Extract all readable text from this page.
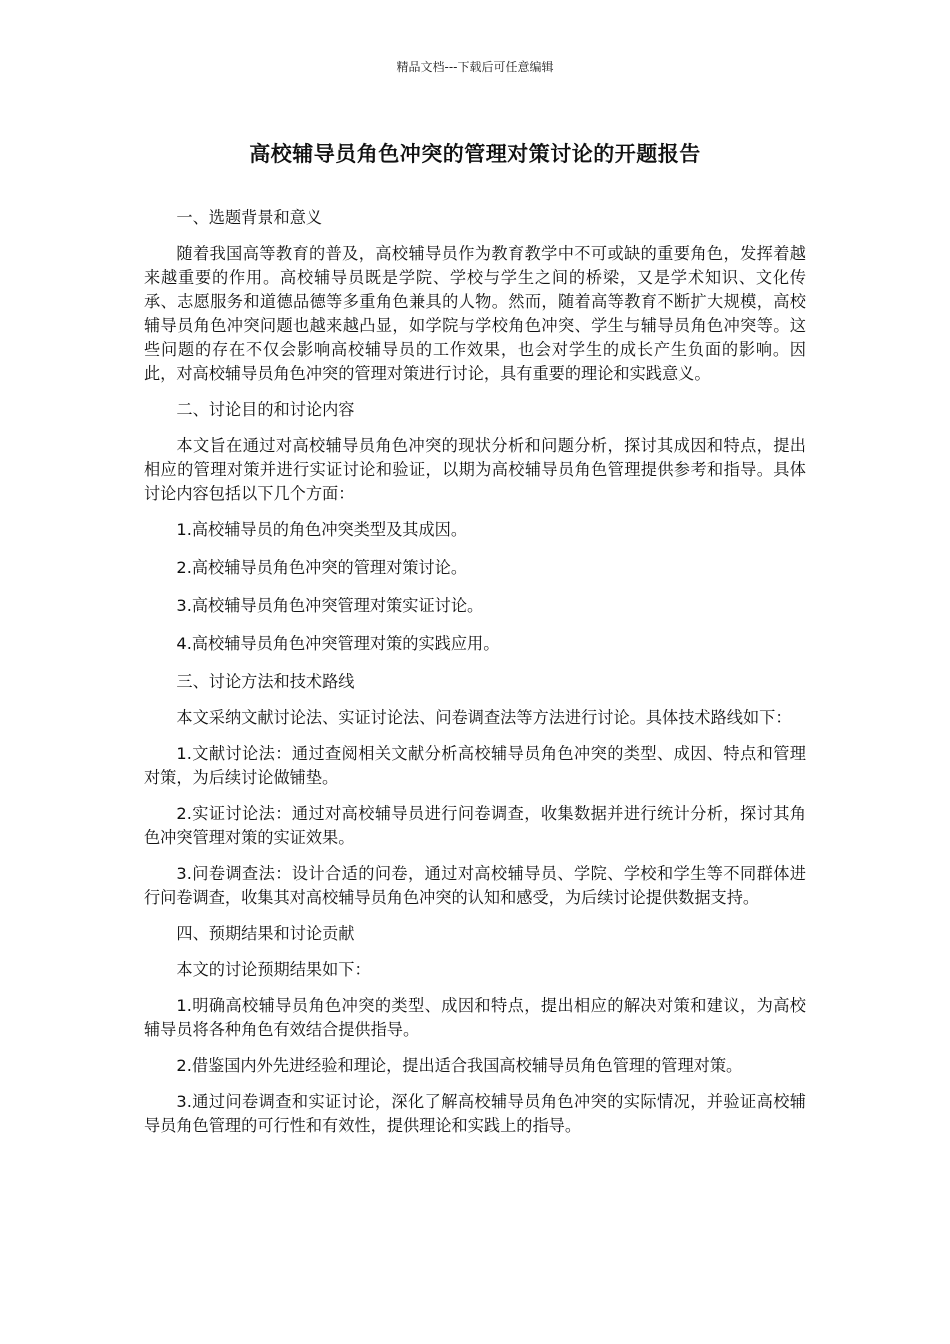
精品文档---下载后可任意编辑
高校辅导员角色冲突的管理对策讨论的开题报告

一、选题背景和意义

随着我国高等教育的普及，高校辅导员作为教育教学中不可或缺的重要角色，发挥着越来越重要的作用。高校辅导员既是学院、学校与学生之间的桥梁，又是学术知识、文化传承、志愿服务和道德品德等多重角色兼具的人物。然而，随着高等教育不断扩大规模，高校辅导员角色冲突问题也越来越凸显，如学院与学校角色冲突、学生与辅导员角色冲突等。这些问题的存在不仅会影响高校辅导员的工作效果，也会对学生的成长产生负面的影响。因此，对高校辅导员角色冲突的管理对策进行讨论，具有重要的理论和实践意义。

二、讨论目的和讨论内容

本文旨在通过对高校辅导员角色冲突的现状分析和问题分析，探讨其成因和特点，提出相应的管理对策并进行实证讨论和验证，以期为高校辅导员角色管理提供参考和指导。具体讨论内容包括以下几个方面：

1.高校辅导员的角色冲突类型及其成因。

2.高校辅导员角色冲突的管理对策讨论。

3.高校辅导员角色冲突管理对策实证讨论。

4.高校辅导员角色冲突管理对策的实践应用。

三、讨论方法和技术路线

本文采纳文献讨论法、实证讨论法、问卷调查法等方法进行讨论。具体技术路线如下：

1.文献讨论法：通过查阅相关文献分析高校辅导员角色冲突的类型、成因、特点和管理对策，为后续讨论做铺垫。

2.实证讨论法：通过对高校辅导员进行问卷调查，收集数据并进行统计分析，探讨其角色冲突管理对策的实证效果。

3.问卷调查法：设计合适的问卷，通过对高校辅导员、学院、学校和学生等不同群体进行问卷调查，收集其对高校辅导员角色冲突的认知和感受，为后续讨论提供数据支持。

四、预期结果和讨论贡献

本文的讨论预期结果如下：

1.明确高校辅导员角色冲突的类型、成因和特点，提出相应的解决对策和建议，为高校辅导员将各种角色有效结合提供指导。

2.借鉴国内外先进经验和理论，提出适合我国高校辅导员角色管理的管理对策。

3.通过问卷调查和实证讨论，深化了解高校辅导员角色冲突的实际情况，并验证高校辅导员角色管理的可行性和有效性，提供理论和实践上的指导。
